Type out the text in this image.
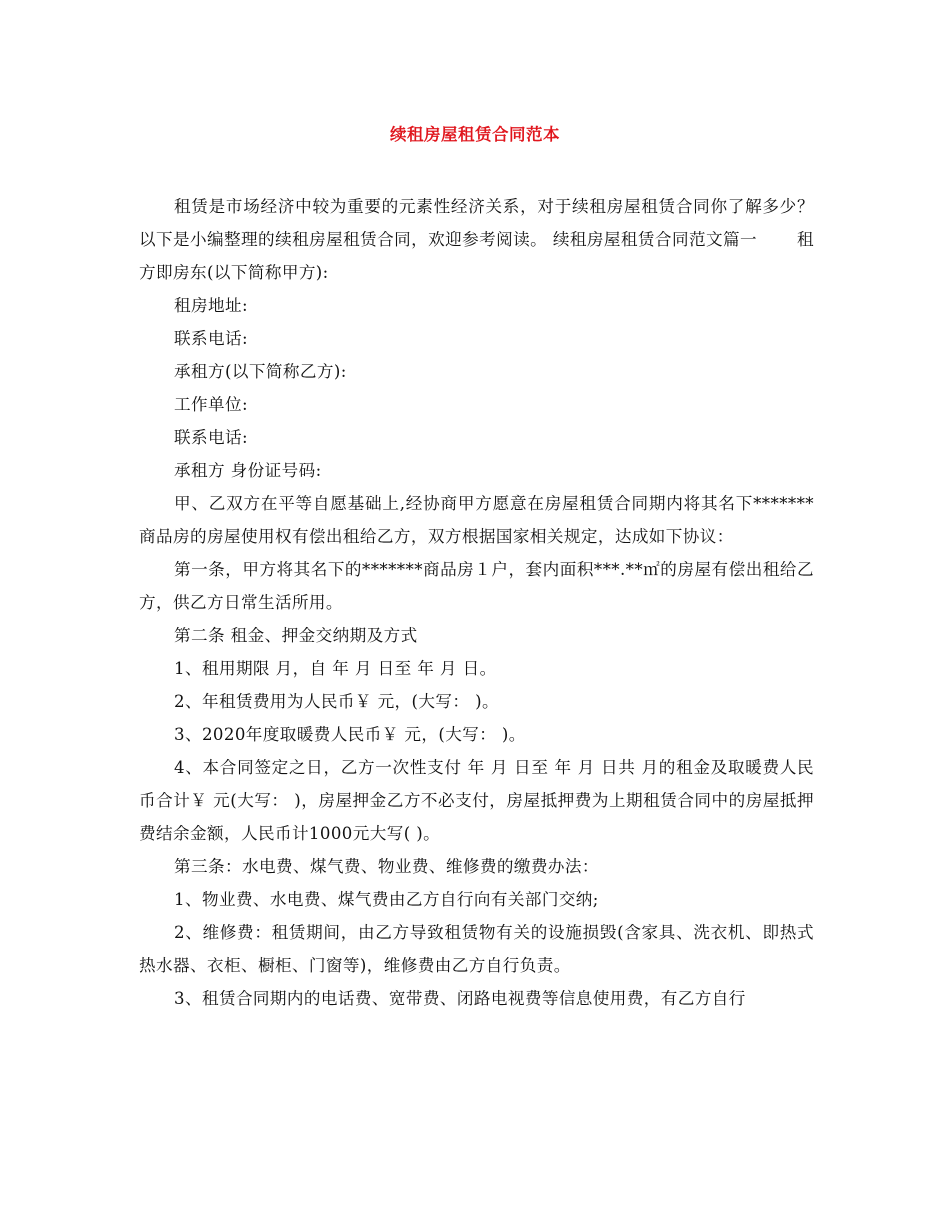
续租房屋租赁合同范本

租赁是市场经济中较为重要的元素性经济关系，对于续租房屋租赁合同你了解多少？以下是小编整理的续租房屋租赁合同，欢迎参考阅读。 续租房屋租赁合同范文篇一 租方即房东(以下简称甲方):

租房地址:

联系电话:

承租方(以下简称乙方):

工作单位:

联系电话:

承租方 身份证号码:

甲、乙双方在平等自愿基础上,经协商甲方愿意在房屋租赁合同期内将其名下*******商品房的房屋使用权有偿出租给乙方，双方根据国家相关规定，达成如下协议：

第一条，甲方将其名下的*******商品房１户，套内面积***.**㎡的房屋有偿出租给乙方，供乙方日常生活所用。

第二条 租金、押金交纳期及方式

1、租用期限 月，自 年 月 日至 年 月 日。

2、年租赁费用为人民币￥ 元，(大写： )。

3、2020年度取暖费人民币￥ 元，(大写： )。

4、本合同签定之日，乙方一次性支付 年 月 日至 年 月 日共 月的租金及取暖费人民币合计￥ 元(大写： )，房屋押金乙方不必支付，房屋抵押费为上期租赁合同中的房屋抵押费结余金额，人民币计1000元大写( )。

第三条：水电费、煤气费、物业费、维修费的缴费办法：

1、物业费、水电费、煤气费由乙方自行向有关部门交纳;

2、维修费：租赁期间，由乙方导致租赁物有关的设施损毁(含家具、洗衣机、即热式热水器、衣柜、橱柜、门窗等)，维修费由乙方自行负责。

3、租赁合同期内的电话费、宽带费、闭路电视费等信息使用费，有乙方自行
